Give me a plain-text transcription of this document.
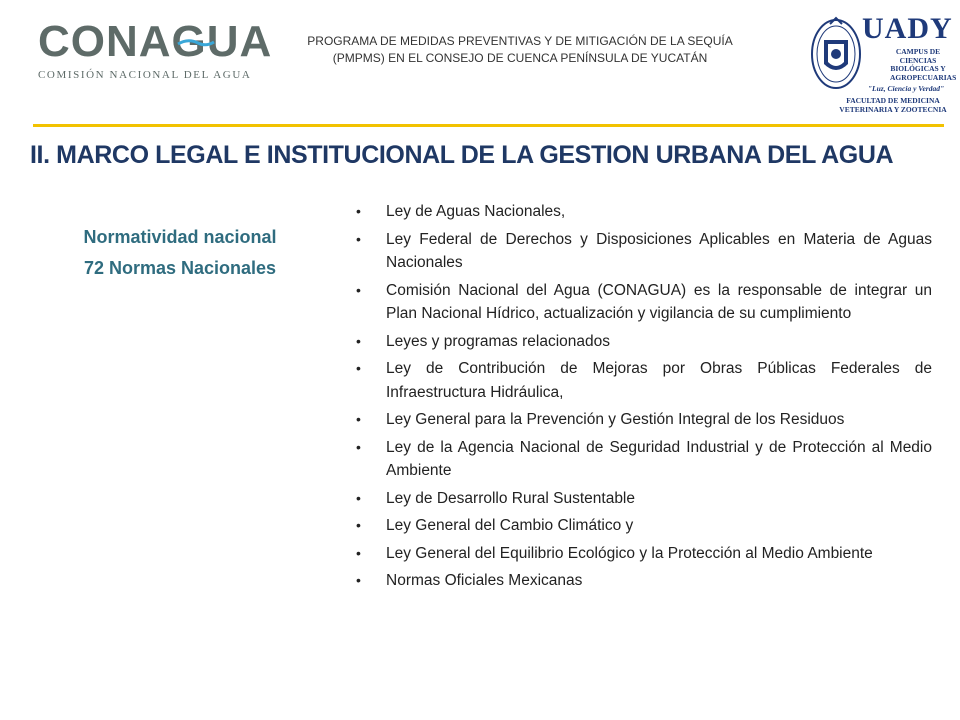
CONAGUA
COMISIÓN NACIONAL DEL AGUA
PROGRAMA DE MEDIDAS PREVENTIVAS Y DE MITIGACIÓN DE LA SEQUÍA
(PMPMS) EN EL CONSEJO DE CUENCA PENÍNSULA DE YUCATÁN
UADY
CAMPUS DE
CIENCIAS
BIOLÓGICAS Y
AGROPECUARIAS
"Luz, Ciencia y Verdad"
FACULTAD DE MEDICINA
VETERINARIA Y ZOOTECNIA
II. MARCO LEGAL E INSTITUCIONAL DE LA GESTION URBANA DEL AGUA
Normatividad nacional
72 Normas Nacionales
• Ley de Aguas Nacionales,
• Ley Federal de Derechos y Disposiciones Aplicables en Materia de Aguas Nacionales
• Comisión Nacional del Agua (CONAGUA) es la responsable de integrar un Plan Nacional Hídrico, actualización y vigilancia de su cumplimiento
• Leyes y programas relacionados
• Ley de Contribución de Mejoras por Obras Públicas Federales de Infraestructura Hidráulica,
• Ley General para la Prevención y Gestión Integral de los Residuos
• Ley de la Agencia Nacional de Seguridad Industrial y de Protección al Medio Ambiente
• Ley de Desarrollo Rural Sustentable
• Ley General del Cambio Climático y
• Ley General del Equilibrio Ecológico y la Protección al Medio Ambiente
• Normas Oficiales Mexicanas
